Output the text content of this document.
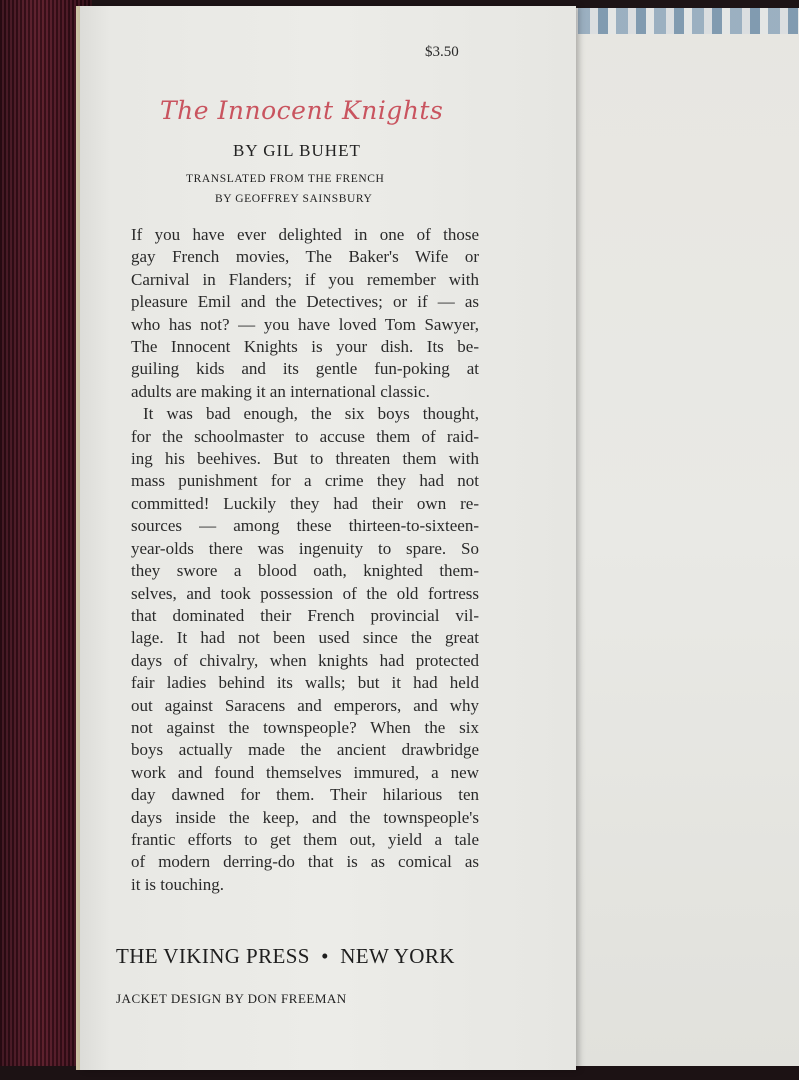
$3.50
The Innocent Knights
BY GIL BUHET
TRANSLATED FROM THE FRENCH
BY GEOFFREY SAINSBURY
If you have ever delighted in one of those
gay French movies, The Baker's Wife or
Carnival in Flanders; if you remember with
pleasure Emil and the Detectives; or if — as
who has not? — you have loved Tom Sawyer,
The Innocent Knights is your dish. Its be-
guiling kids and its gentle fun-poking at
adults are making it an international classic.
It was bad enough, the six boys thought,
for the schoolmaster to accuse them of raid-
ing his beehives. But to threaten them with
mass punishment for a crime they had not
committed! Luckily they had their own re-
sources — among these thirteen-to-sixteen-
year-olds there was ingenuity to spare. So
they swore a blood oath, knighted them-
selves, and took possession of the old fortress
that dominated their French provincial vil-
lage. It had not been used since the great
days of chivalry, when knights had protected
fair ladies behind its walls; but it had held
out against Saracens and emperors, and why
not against the townspeople? When the six
boys actually made the ancient drawbridge
work and found themselves immured, a new
day dawned for them. Their hilarious ten
days inside the keep, and the townspeople's
frantic efforts to get them out, yield a tale
of modern derring-do that is as comical as
it is touching.
THE VIKING PRESS  •  NEW YORK
JACKET DESIGN BY DON FREEMAN
